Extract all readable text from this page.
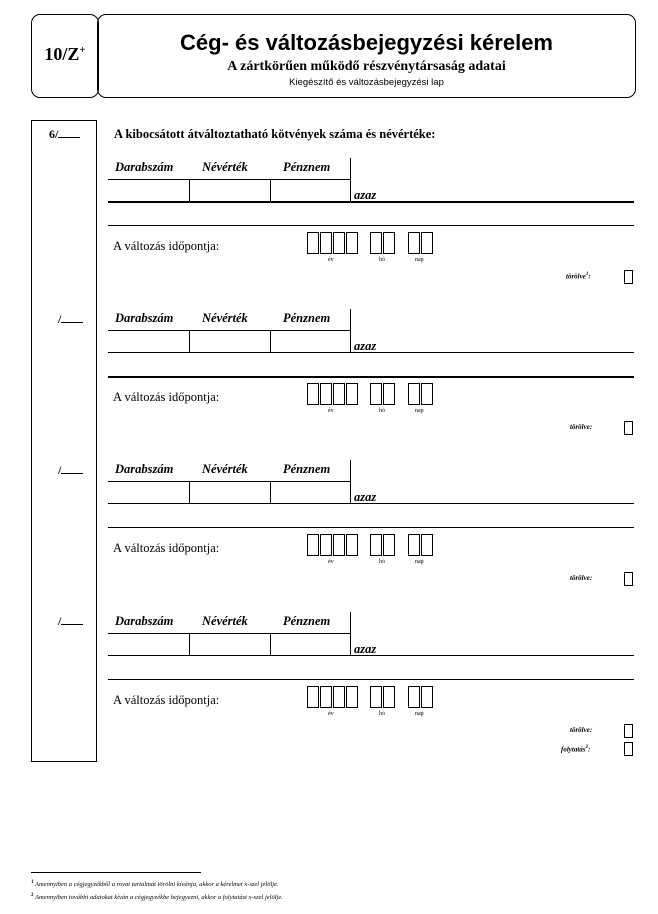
10/Z+	Cég- és változásbejegyzési kérelem
A zártkörűen működő részvénytársaság adatai
Kiegészítő és változásbejegyzési lap
6/	A kibocsátott átváltoztatható kötvények száma és névértéke:
Darabszám Névérték	Pénznem
azaz
A változás időpontja:
év	hó	nap
törölve$^1$:
/	Darabszám Névérték	Pénznem
azaz
A változás időpontja:
év	hó	nap
törölve:
/	Darabszám Névérték	Pénznem
azaz
A változás időpontja:
év	hó	nap
törölve:
/	Darabszám Névérték	Pénznem
azaz
A változás időpontja:
év	hó	nap
törölve:
folytatás$^2$:
$^1$ Amennyiben a cégjegyzékből a rovat tartalmát törölni kívánja, akkor a kérelmet x-szel jelölje.
$^2$ Amennyiben további adatokat kíván a cégjegyzékbe bejegyezni, akkor a folytatást x-szel jelölje.
